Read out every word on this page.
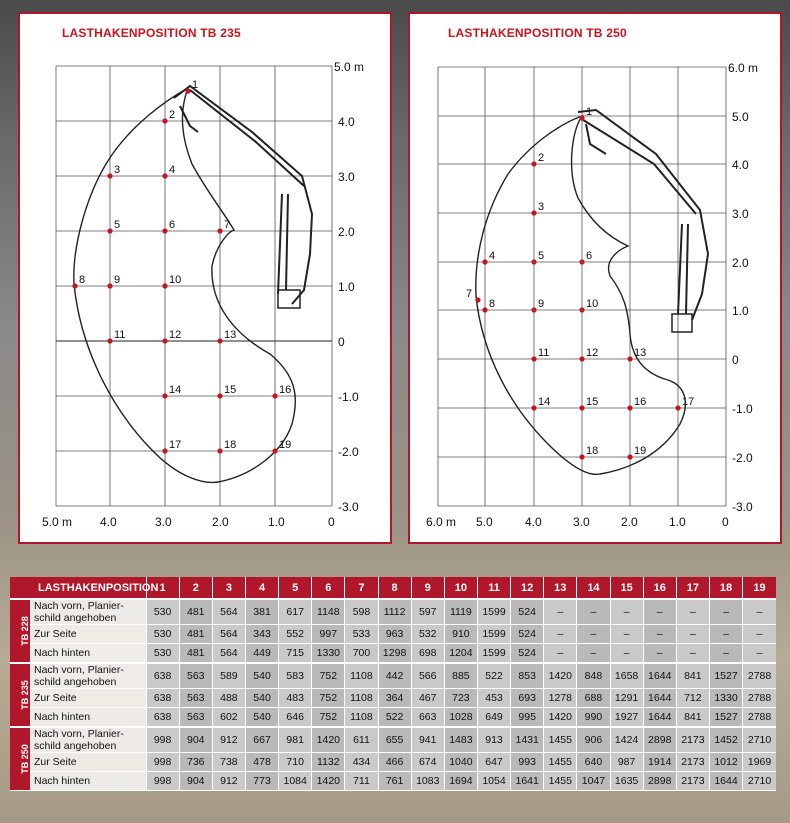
LASTHAKENPOSITION TB 235
5.0 m
4.0
3.0
2.0
1.0
0
-1.0
-2.0
-3.0
5.0 m 4.0	3.0	2.0	1.0	0
1
2
3	4
5	6	7
8	9	10
11	12	13
14	15	16
17	18	19
LASTHAKENPOSITION TB 250
6.0 m
5.0
4.0
3.0
2.0
1.0
0
-1.0
-2.0
-3.0
6.0 m 5.0	4.0	3.0	2.0	1.0	0
1
2
3
4	5	6
7
8	9	10
11	12	13
14	15	16	17
18	19
LASTHAKENPOSITION		1	2	3	4	5	6	7	8	9	10	11	12	13	14	15	16	17	18	19
TB 228	Nach vorn, Planier-schild angehoben	530	481	564	381	617	1148	598	1112	597	1119	1599	524	–	–	–	–	–	–	–
	Zur Seite	530	481	564	343	552	997	533	963	532	910	1599	524	–	–	–	–	–	–	–
	Nach hinten	530	481	564	449	715	1330	700	1298	698	1204	1599	524	–	–	–	–	–	–	–
TB 235	Nach vorn, Planier-schild angehoben	638	563	589	540	583	752	1108	442	566	885	522	853	1420	848	1658	1644	841	1527	2788
	Zur Seite	638	563	488	540	483	752	1108	364	467	723	453	693	1278	688	1291	1644	712	1330	2788
	Nach hinten	638	563	602	540	646	752	1108	522	663	1028	649	995	1420	990	1927	1644	841	1527	2788
TB 250	Nach vorn, Planier-schild angehoben	998	904	912	667	981	1420	611	655	941	1483	913	1431	1455	906	1424	2898	2173	1452	2710
	Zur Seite	998	736	738	478	710	1132	434	466	674	1040	647	993	1455	640	987	1914	2173	1012	1969
	Nach hinten	998	904	912	773	1084	1420	711	761	1083	1694	1054	1641	1455	1047	1635	2898	2173	1644	2710
